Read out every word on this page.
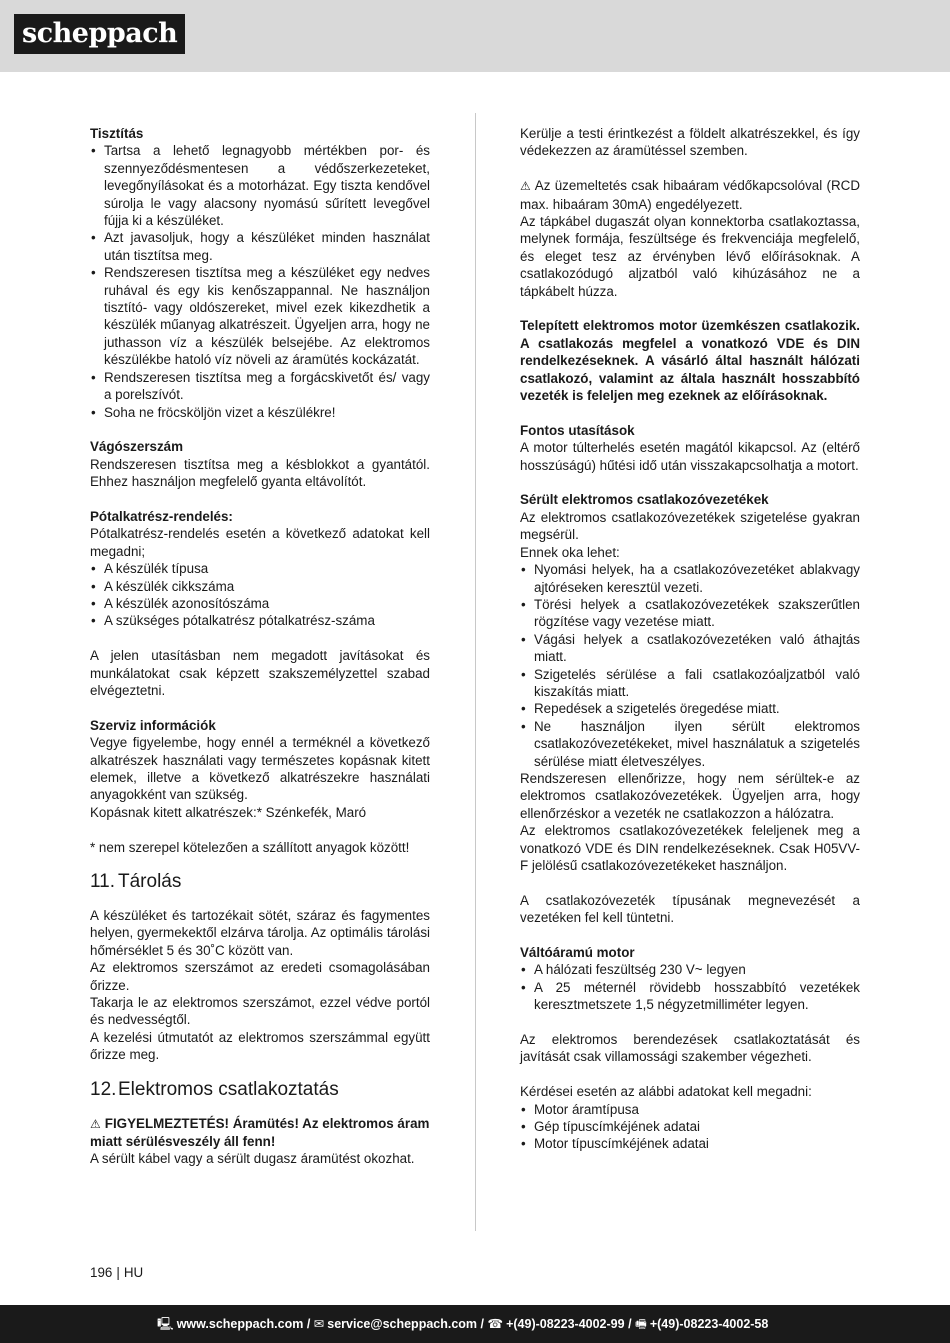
scheppach

Tisztítás

• Tartsa a lehető legnagyobb mértékben por- és szennyeződésmentesen a védőszerkezeteket, levegőnyílásokat és a motorházat. Egy tiszta kendővel súrolja le vagy alacsony nyomású sűrített levegővel fújja ki a készüléket.
• Azt javasoljuk, hogy a készüléket minden használat után tisztítsa meg.
• Rendszeresen tisztítsa meg a készüléket egy nedves ruhával és egy kis kenőszappannal. Ne használjon tisztító- vagy oldószereket, mivel ezek kikezdhetik a készülék műanyag alkatrészeit. Ügyeljen arra, hogy ne juthasson víz a készülék belsejébe. Az elektromos készülékbe hatoló víz növeli az áramütés kockázatát.
• Rendszeresen tisztítsa meg a forgácskivetőt és/ vagy a porelszívót.
• Soha ne fröcsköljön vizet a készülékre!

Vágószerszám

Rendszeresen tisztítsa meg a késblokkot a gyantától. Ehhez használjon megfelelő gyanta eltávolítót.

Pótalkatrész-rendelés:

Pótalkatrész-rendelés esetén a következő adatokat kell megadni;

• A készülék típusa
• A készülék cikkszáma
• A készülék azonosítószáma
• A szükséges pótalkatrész pótalkatrész-száma

A jelen utasításban nem megadott javításokat és munkálatokat csak képzett szakszemélyzettel szabad elvégeztetni.

Szerviz információk

Vegye figyelembe, hogy ennél a terméknél a következő alkatrészek használati vagy természetes kopásnak kitett elemek, illetve a következő alkatrészekre használati anyagokként van szükség.

Kopásnak kitett alkatrészek:* Szénkefék, Maró

* nem szerepel kötelezően a szállított anyagok között!

11. Tárolás

A készüléket és tartozékait sötét, száraz és fagymentes helyen, gyermekektől elzárva tárolja. Az optimális tárolási hőmérséklet 5 és 30˚C között van.

Az elektromos szerszámot az eredeti csomagolásában őrizze.

Takarja le az elektromos szerszámot, ezzel védve portól és nedvességtől.

A kezelési útmutatót az elektromos szerszámmal együtt őrizze meg.

12. Elektromos csatlakoztatás

⚠ FIGYELMEZTETÉS! Áramütés! Az elektromos áram miatt sérülésveszély áll fenn!

A sérült kábel vagy a sérült dugasz áramütést okozhat.

Kerülje a testi érintkezést a földelt alkatrészekkel, és így védekezzen az áramütéssel szemben.

⚠ Az üzemeltetés csak hibaáram védőkapcsolóval (RCD max. hibaáram 30mA) engedélyezett.

Az tápkábel dugaszát olyan konnektorba csatlakoztassa, melynek formája, feszültsége és frekvenciája megfelelő, és eleget tesz az érvényben lévő előírásoknak. A csatlakozódugó aljzatból való kihúzásához ne a tápkábelt húzza.

Telepített elektromos motor üzemkészen csatlakozik. A csatlakozás megfelel a vonatkozó VDE és DIN rendelkezéseknek. A vásárló által használt hálózati csatlakozó, valamint az általa használt hosszabbító vezeték is feleljen meg ezeknek az előírásoknak.

Fontos utasítások

A motor túlterhelés esetén magától kikapcsol. Az (eltérő hosszúságú) hűtési idő után visszakapcsolhatja a motort.

Sérült elektromos csatlakozóvezetékek

Az elektromos csatlakozóvezetékek szigetelése gyakran megsérül.

Ennek oka lehet:

• Nyomási helyek, ha a csatlakozóvezetéket ablakvagy ajtóréseken keresztül vezeti.
• Törési helyek a csatlakozóvezetékek szakszerűtlen rögzítése vagy vezetése miatt.
• Vágási helyek a csatlakozóvezetéken való áthajtás miatt.
• Szigetelés sérülése a fali csatlakozóaljzatból való kiszakítás miatt.
• Repedések a szigetelés öregedése miatt.
• Ne használjon ilyen sérült elektromos csatlakozóvezetékeket, mivel használatuk a szigetelés sérülése miatt életveszélyes.

Rendszeresen ellenőrizze, hogy nem sérültek-e az elektromos csatlakozóvezetékek. Ügyeljen arra, hogy ellenőrzéskor a vezeték ne csatlakozzon a hálózatra.

Az elektromos csatlakozóvezetékek feleljenek meg a vonatkozó VDE és DIN rendelkezéseknek. Csak H05VV-F jelölésű csatlakozóvezetékeket használjon.

A csatlakozóvezeték típusának megnevezését a vezetéken fel kell tüntetni.

Váltóáramú motor

• A hálózati feszültség 230 V~ legyen
• A 25 méternél rövidebb hosszabbító vezetékek keresztmetszete 1,5 négyzetmilliméter legyen.

Az elektromos berendezések csatlakoztatását és javítását csak villamossági szakember végezheti.

Kérdései esetén az alábbi adatokat kell megadni:

• Motor áramtípusa
• Gép típuscímkéjének adatai
• Motor típuscímkéjének adatai
196 | HU
🖳 www.scheppach.com / ✉ service@scheppach.com / ☎ +(49)-08223-4002-99 / 🖷 +(49)-08223-4002-58
